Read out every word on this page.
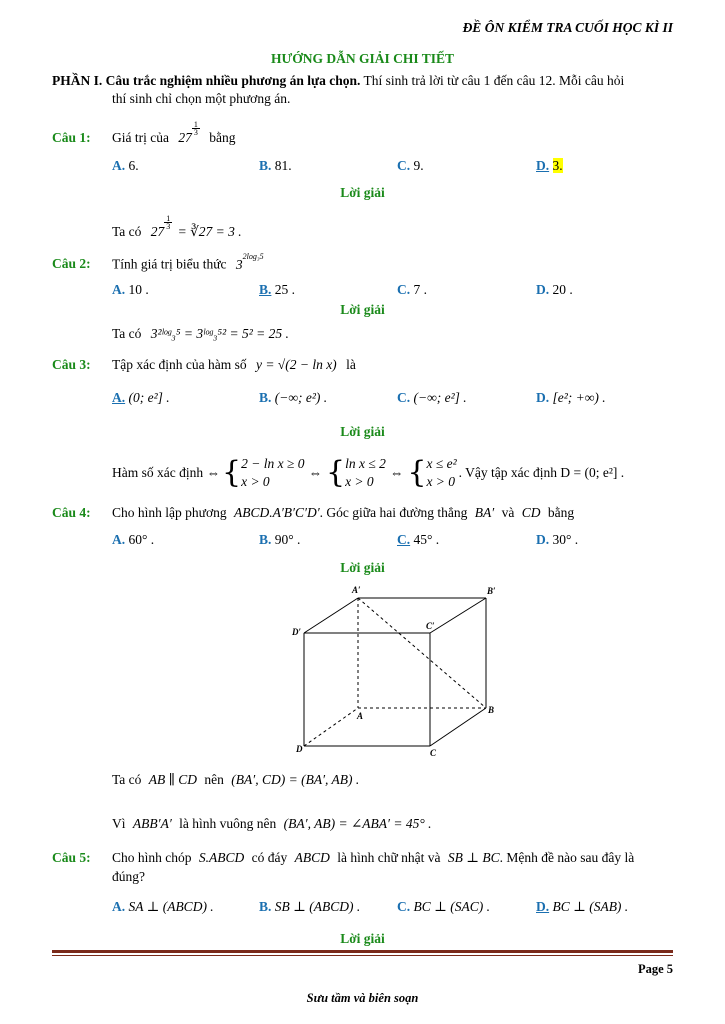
ĐỀ ÔN KIỂM TRA CUỐI HỌC KÌ II
HƯỚNG DẪN GIẢI CHI TIẾT
PHẦN I. Câu trắc nghiệm nhiều phương án lựa chọn. Thí sinh trả lời từ câu 1 đến câu 12. Mỗi câu hỏi
thí sinh chỉ chọn một phương án.
Câu 1: Giá trị của $27 \frac{1}{3}$ bằng
A. 6.	B. 81.	C. 9.	D. 3.
Lời giải
Ta có $27 \frac{1}{3}$ = ∛27 = 3 .
Câu 2: Tính giá trị biểu thức $3^{2log_35}$
A. 10 .	B. 25 .	C. 7 .	D. 20 .
Lời giải
Ta có 3²ˡᵒᵍ₃⁵ = 3ˡᵒᵍ₃⁵² = 5² = 25 .
Câu 3: Tập xác định của hàm số y = √(2 − ln x) là
A. (0; e²] .	B. (−∞; e²) .	C. (−∞; e²] .	D. [e²; +∞) .
Lời giải
Hàm số xác định ⇔ { 2 − ln x ≥ 0
x > 0
⇔ { ln x ≤ 2
x > 0
⇔ { x ≤ e²
x > 0
. Vậy tập xác định D = (0; e²] .
Câu 4: Cho hình lập phương ABCD.A′B′C′D′. Góc giữa hai đường thẳng BA′ và CD bằng
A. 60° .	B. 90° .	C. 45° .	D. 30° .
Lời giải
A′	B′
C′
D′
A
B
C
D
Ta có AB ∥ CD nên (BA′, CD) = (BA′, AB) .
Vì ABB′A′ là hình vuông nên (BA′, AB) = ∠ABA′ = 45° .
Câu 5: Cho hình chóp S.ABCD có đáy ABCD là hình chữ nhật và SB ⊥ BC. Mệnh đề nào sau đây là
đúng?
A. SA ⊥ (ABCD) .	B. SB ⊥ (ABCD) .	C. BC ⊥ (SAC) .	D. BC ⊥ (SAB) .
Lời giải
Page 5
Sưu tầm và biên soạn
